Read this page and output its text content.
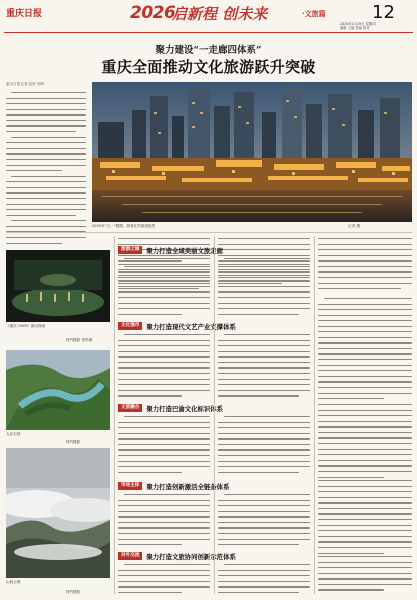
重庆日报	2026
启新程 创未来	·文旅篇	12
2026年1月29日 星期四
编辑 主编 美编 校对
聚力建设“一走廊四体系”
重庆全面推动文化旅游跃升突破
重庆日报记者 赵欣 郭岭
2025年“五一”假期，游客在洪崖洞夜景	记者 摄
《重庆·1949》演出现场
特约摄影 资料图
大足石刻
特约摄影
山间云海
特约摄影
旅游之城	聚力打造全域美丽文旅走廊
文化强市	聚力打造现代文艺产业支撑体系
文旅融合	聚力打造巴渝文化标识体系
市场主体	聚力打造创新激活全链条体系
对外交流	聚力打造文旅协同创新示范体系
